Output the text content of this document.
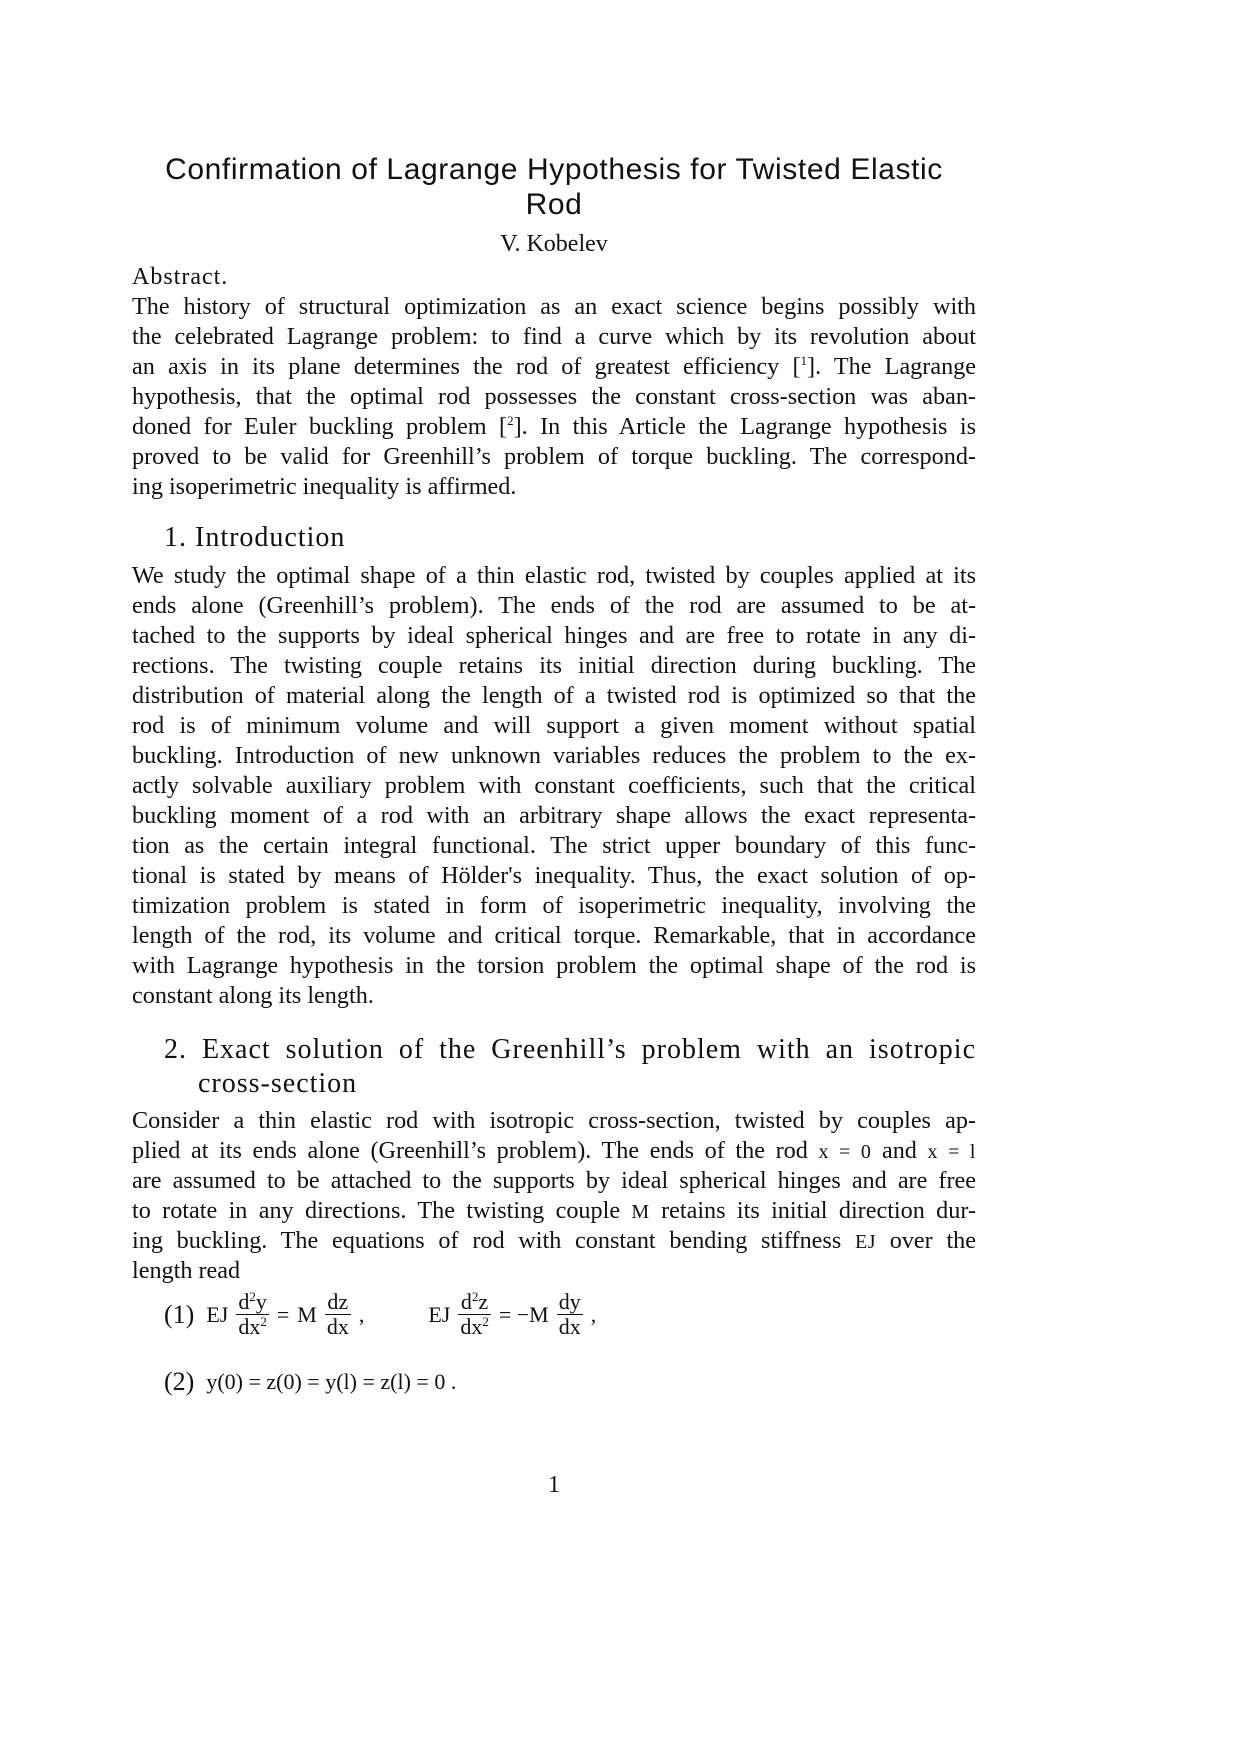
Confirmation of Lagrange Hypothesis for Twisted Elastic
Rod
V. Kobelev
Abstract.
The history of structural optimization as an exact science begins possibly with
the celebrated Lagrange problem: to find a curve which by its revolution about
an axis in its plane determines the rod of greatest efficiency [$^1$]. The Lagrange
hypothesis, that the optimal rod possesses the constant cross-section was aban-
doned for Euler buckling problem [$^2$]. In this Article the Lagrange hypothesis is
proved to be valid for Greenhill’s problem of torque buckling. The correspond-
ing isoperimetric inequality is affirmed.
1. Introduction
We study the optimal shape of a thin elastic rod, twisted by couples applied at its
ends alone (Greenhill’s problem). The ends of the rod are assumed to be at-
tached to the supports by ideal spherical hinges and are free to rotate in any di-
rections. The twisting couple retains its initial direction during buckling. The
distribution of material along the length of a twisted rod is optimized so that the
rod is of minimum volume and will support a given moment without spatial
buckling. Introduction of new unknown variables reduces the problem to the ex-
actly solvable auxiliary problem with constant coefficients, such that the critical
buckling moment of a rod with an arbitrary shape allows the exact representa-
tion as the certain integral functional. The strict upper boundary of this func-
tional is stated by means of Hölder's inequality. Thus, the exact solution of op-
timization problem is stated in form of isoperimetric inequality, involving the
length of the rod, its volume and critical torque. Remarkable, that in accordance
with Lagrange hypothesis in the torsion problem the optimal shape of the rod is
constant along its length.
2. Exact solution of the Greenhill’s problem with an isotropic
cross-section
Consider a thin elastic rod with isotropic cross-section, twisted by couples ap-
plied at its ends alone (Greenhill’s problem). The ends of the rod x = 0 and x = l
are assumed to be attached to the supports by ideal spherical hinges and are free
to rotate in any directions. The twisting couple M retains its initial direction dur-
ing buckling. The equations of rod with constant bending stiffness EJ over the
length read
(1) EJ $\frac{d^2y}{dx^2} = M \frac{dz}{dx}$ ,	EJ $\frac{d^2z}{dx^2} = -M \frac{dy}{dx}$ ,
(2) y(0) = z(0) = y(l) = z(l) = 0 .
1
